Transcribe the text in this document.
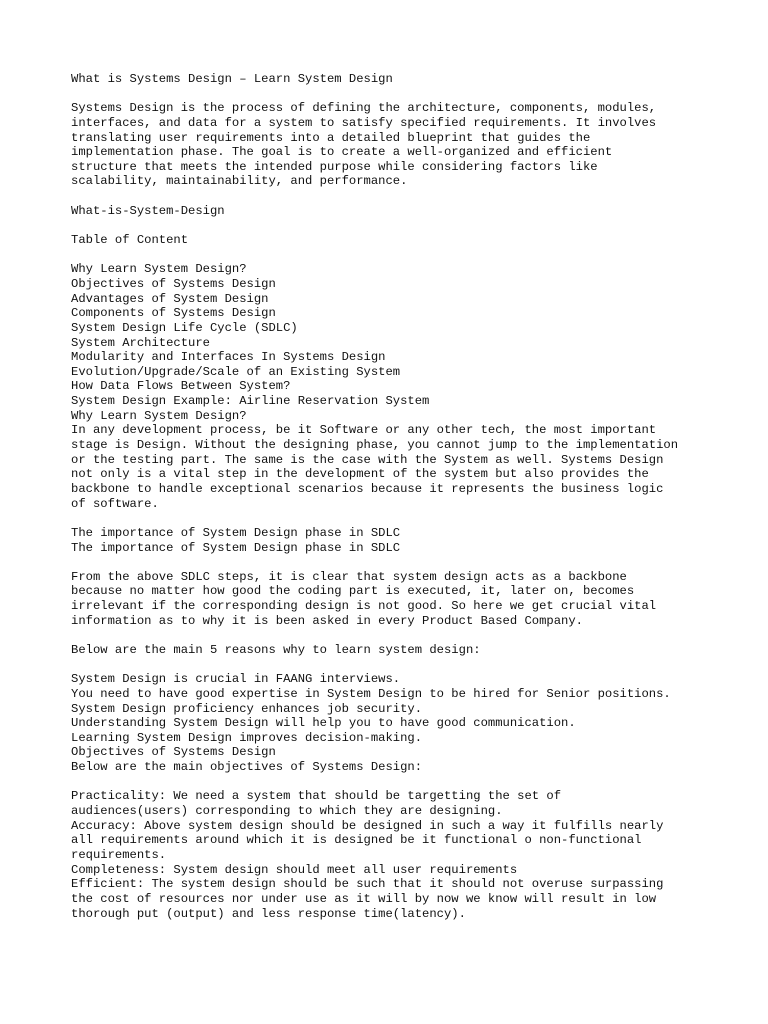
What is Systems Design – Learn System Design
Systems Design is the process of defining the architecture, components, modules,
interfaces, and data for a system to satisfy specified requirements. It involves
translating user requirements into a detailed blueprint that guides the
implementation phase. The goal is to create a well-organized and efficient
structure that meets the intended purpose while considering factors like
scalability, maintainability, and performance.
What-is-System-Design
Table of Content
Why Learn System Design?
Objectives of Systems Design
Advantages of System Design
Components of Systems Design
System Design Life Cycle (SDLC)
System Architecture
Modularity and Interfaces In Systems Design
Evolution/Upgrade/Scale of an Existing System
How Data Flows Between System?
System Design Example: Airline Reservation System
Why Learn System Design?
In any development process, be it Software or any other tech, the most important
stage is Design. Without the designing phase, you cannot jump to the implementation
or the testing part. The same is the case with the System as well. Systems Design
not only is a vital step in the development of the system but also provides the
backbone to handle exceptional scenarios because it represents the business logic
of software.
The importance of System Design phase in SDLC
The importance of System Design phase in SDLC
From the above SDLC steps, it is clear that system design acts as a backbone
because no matter how good the coding part is executed, it, later on, becomes
irrelevant if the corresponding design is not good. So here we get crucial vital
information as to why it is been asked in every Product Based Company.
Below are the main 5 reasons why to learn system design:
System Design is crucial in FAANG interviews.
You need to have good expertise in System Design to be hired for Senior positions.
System Design proficiency enhances job security.
Understanding System Design will help you to have good communication.
Learning System Design improves decision-making.
Objectives of Systems Design
Below are the main objectives of Systems Design:
Practicality: We need a system that should be targetting the set of
audiences(users) corresponding to which they are designing.
Accuracy: Above system design should be designed in such a way it fulfills nearly
all requirements around which it is designed be it functional o non-functional
requirements.
Completeness: System design should meet all user requirements
Efficient: The system design should be such that it should not overuse surpassing
the cost of resources nor under use as it will by now we know will result in low
thorough put (output) and less response time(latency).
